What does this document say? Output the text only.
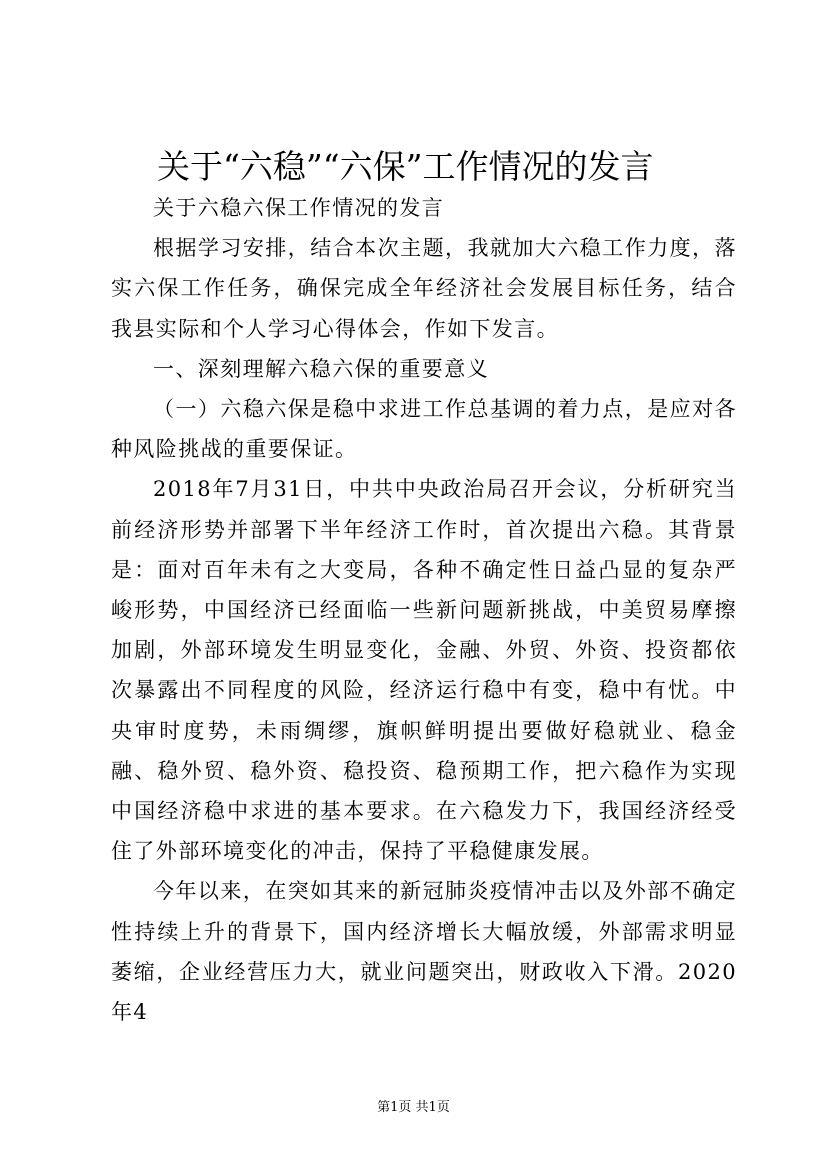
关于“六稳”“六保”工作情况的发言

关于六稳六保工作情况的发言

根据学习安排，结合本次主题，我就加大六稳工作力度，落实六保工作任务，确保完成全年经济社会发展目标任务，结合我县实际和个人学习心得体会，作如下发言。

一、深刻理解六稳六保的重要意义

（一）六稳六保是稳中求进工作总基调的着力点，是应对各种风险挑战的重要保证。

2018年7月31日，中共中央政治局召开会议，分析研究当前经济形势并部署下半年经济工作时，首次提出六稳。其背景是：面对百年未有之大变局，各种不确定性日益凸显的复杂严峻形势，中国经济已经面临一些新问题新挑战，中美贸易摩擦加剧，外部环境发生明显变化，金融、外贸、外资、投资都依次暴露出不同程度的风险，经济运行稳中有变，稳中有忧。中央审时度势，未雨绸缪，旗帜鲜明提出要做好稳就业、稳金融、稳外贸、稳外资、稳投资、稳预期工作，把六稳作为实现中国经济稳中求进的基本要求。在六稳发力下，我国经济经受住了外部环境变化的冲击，保持了平稳健康发展。

今年以来，在突如其来的新冠肺炎疫情冲击以及外部不确定性持续上升的背景下，国内经济增长大幅放缓，外部需求明显萎缩，企业经营压力大，就业问题突出，财政收入下滑。2020年4

第1页 共1页
